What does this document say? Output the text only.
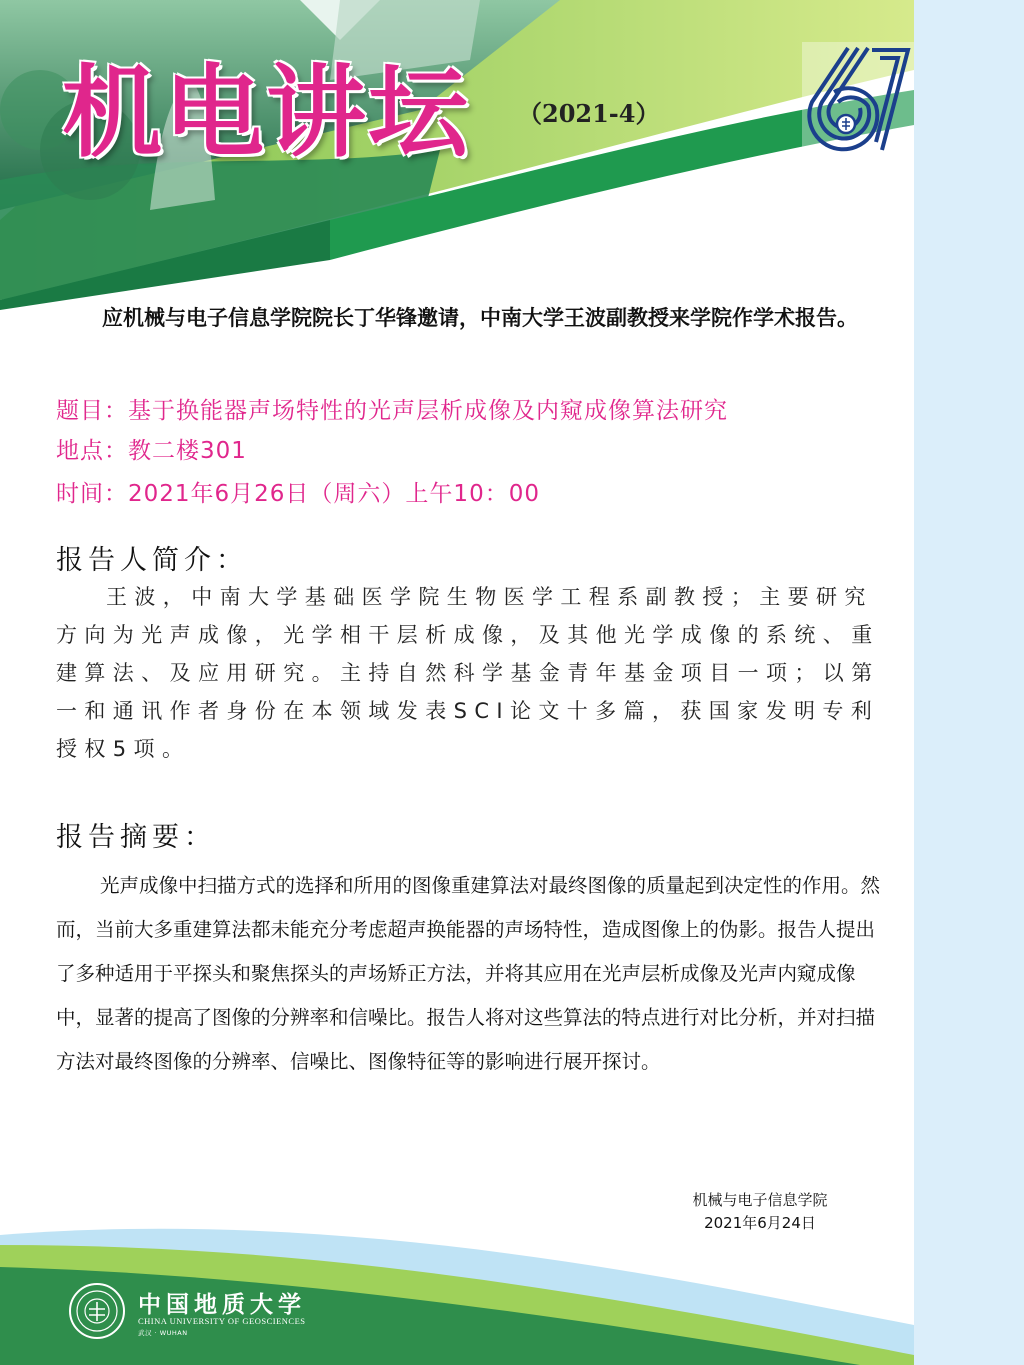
机电讲坛 （2021-4）

应机械与电子信息学院院长丁华锋邀请，中南大学王波副教授来学院作学术报告。

题目：基于换能器声场特性的光声层析成像及内窥成像算法研究
地点：教二楼301
时间：2021年6月26日（周六）上午10：00
报告人简介：

王波，中南大学基础医学院生物医学工程系副教授；主要研究方向为光声成像，光学相干层析成像，及其他光学成像的系统、重建算法、及应用研究。主持自然科学基金青年基金项目一项；以第一和通讯作者身份在本领域发表SCI论文十多篇，获国家发明专利授权5项。

报告摘要：

光声成像中扫描方式的选择和所用的图像重建算法对最终图像的质量起到决定性的作用。然而，当前大多重建算法都未能充分考虑超声换能器的声场特性，造成图像上的伪影。报告人提出了多种适用于平探头和聚焦探头的声场矫正方法，并将其应用在光声层析成像及光声内窥成像中，显著的提高了图像的分辨率和信噪比。报告人将对这些算法的特点进行对比分析，并对扫描方法对最终图像的分辨率、信噪比、图像特征等的影响进行展开探讨。

机械与电子信息学院
2021年6月24日
中国地质大学
CHINA UNIVERSITY OF GEOSCIENCES
武汉 · WUHAN
